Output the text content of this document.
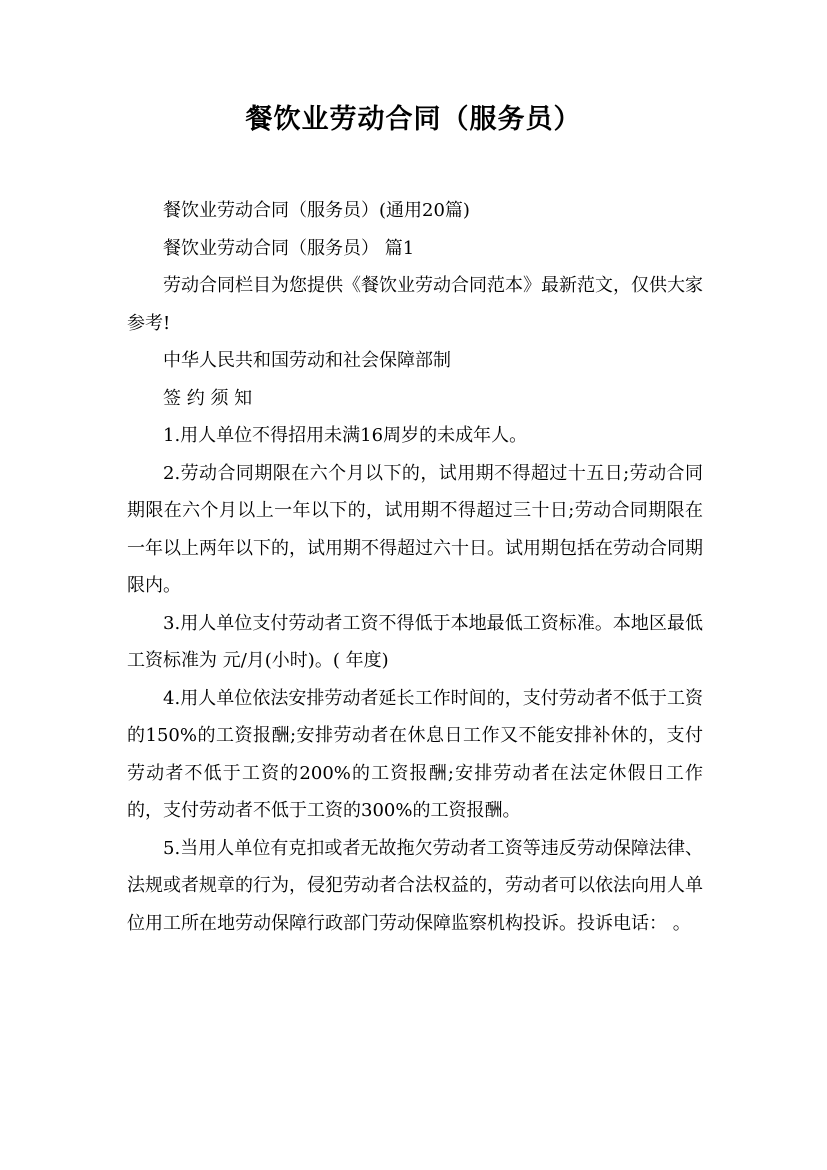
餐饮业劳动合同（服务员）

餐饮业劳动合同（服务员）(通用20篇)

餐饮业劳动合同（服务员） 篇1

劳动合同栏目为您提供《餐饮业劳动合同范本》最新范文，仅供大家参考!

中华人民共和国劳动和社会保障部制

签 约 须 知

1.用人单位不得招用未满16周岁的未成年人。

2.劳动合同期限在六个月以下的，试用期不得超过十五日;劳动合同期限在六个月以上一年以下的，试用期不得超过三十日;劳动合同期限在一年以上两年以下的，试用期不得超过六十日。试用期包括在劳动合同期限内。

3.用人单位支付劳动者工资不得低于本地最低工资标准。本地区最低工资标准为 元/月(小时)。( 年度)

4.用人单位依法安排劳动者延长工作时间的，支付劳动者不低于工资的150%的工资报酬;安排劳动者在休息日工作又不能安排补休的，支付劳动者不低于工资的200%的工资报酬;安排劳动者在法定休假日工作的，支付劳动者不低于工资的300%的工资报酬。

5.当用人单位有克扣或者无故拖欠劳动者工资等违反劳动保障法律、法规或者规章的行为，侵犯劳动者合法权益的，劳动者可以依法向用人单位用工所在地劳动保障行政部门劳动保障监察机构投诉。投诉电话： 。
